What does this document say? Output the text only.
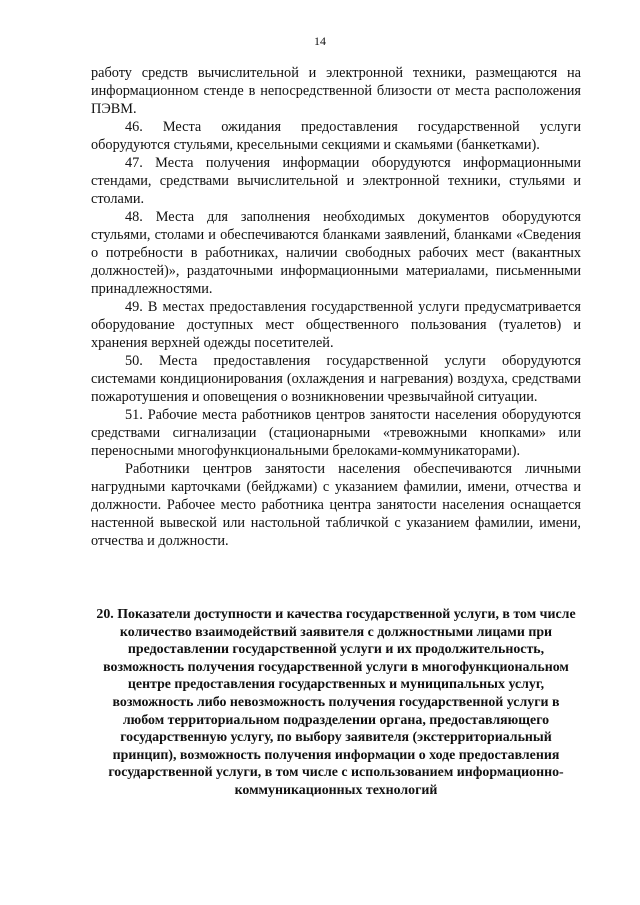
14

работу средств вычислительной и электронной техники, размещаются на информационном стенде в непосредственной близости от места расположения ПЭВМ.

46. Места ожидания предоставления государственной услуги оборудуются стульями, кресельными секциями и скамьями (банкетками).

47. Места получения информации оборудуются информационными стендами, средствами вычислительной и электронной техники, стульями и столами.

48. Места для заполнения необходимых документов оборудуются стульями, столами и обеспечиваются бланками заявлений, бланками «Сведения о потребности в работниках, наличии свободных рабочих мест (вакантных должностей)», раздаточными информационными материалами, письменными принадлежностями.

49. В местах предоставления государственной услуги предусматривается оборудование доступных мест общественного пользования (туалетов) и хранения верхней одежды посетителей.

50. Места предоставления государственной услуги оборудуются системами кондиционирования (охлаждения и нагревания) воздуха, средствами пожаротушения и оповещения о возникновении чрезвычайной ситуации.

51. Рабочие места работников центров занятости населения оборудуются средствами сигнализации (стационарными «тревожными кнопками» или переносными многофункциональными брелоками-коммуникаторами).

Работники центров занятости населения обеспечиваются личными нагрудными карточками (бейджами) с указанием фамилии, имени, отчества и должности. Рабочее место работника центра занятости населения оснащается настенной вывеской или настольной табличкой с указанием фамилии, имени, отчества и должности.

20. Показатели доступности и качества государственной услуги, в том числе количество взаимодействий заявителя с должностными лицами при предоставлении государственной услуги и их продолжительность, возможность получения государственной услуги в многофункциональном центре предоставления государственных и муниципальных услуг, возможность либо невозможность получения государственной услуги в любом территориальном подразделении органа, предоставляющего государственную услугу, по выбору заявителя (экстерриториальный принцип), возможность получения информации о ходе предоставления государственной услуги, в том числе с использованием информационно-коммуникационных технологий
